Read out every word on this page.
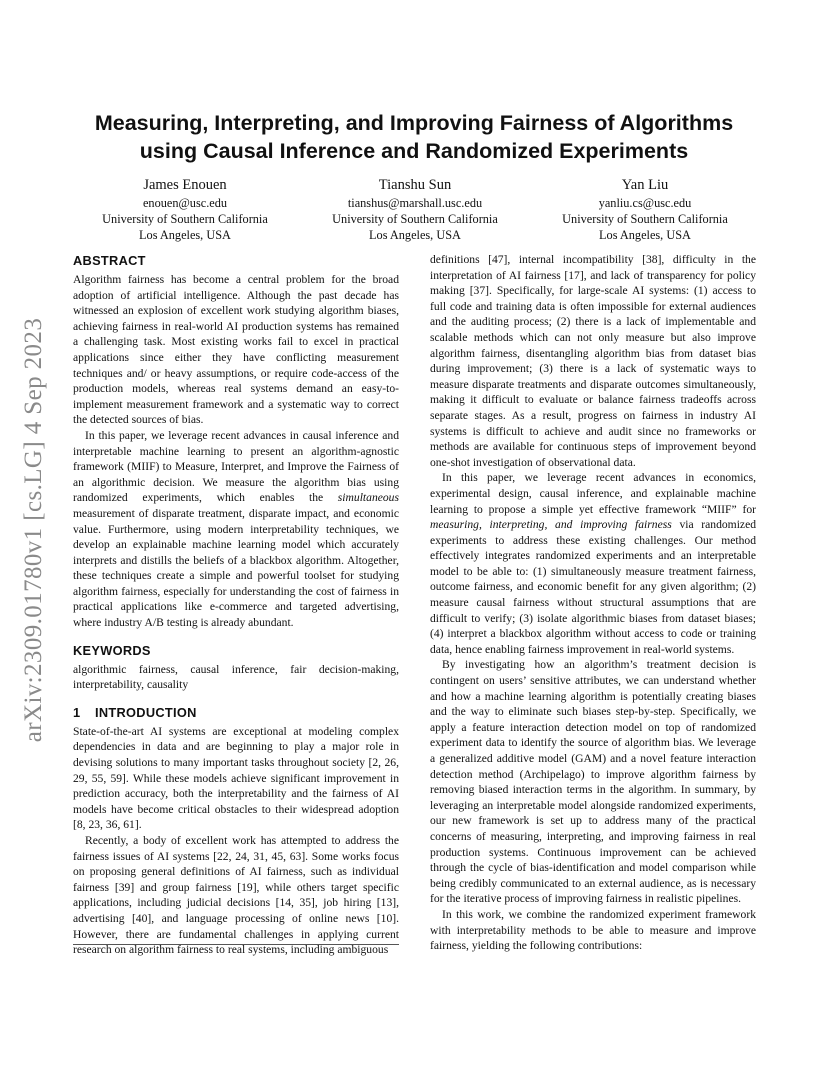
arXiv:2309.01780v1 [cs.LG] 4 Sep 2023
Measuring, Interpreting, and Improving Fairness of Algorithms
using Causal Inference and Randomized Experiments
James Enouen
enouen@usc.edu
University of Southern California
Los Angeles, USA
Tianshu Sun
tianshus@marshall.usc.edu
University of Southern California
Los Angeles, USA
Yan Liu
yanliu.cs@usc.edu
University of Southern California
Los Angeles, USA
ABSTRACT

Algorithm fairness has become a central problem for the broad adoption of artificial intelligence. Although the past decade has witnessed an explosion of excellent work studying algorithm biases, achieving fairness in real-world AI production systems has remained a challenging task. Most existing works fail to excel in practical applications since either they have conflicting measurement techniques and/ or heavy assumptions, or require code-access of the production models, whereas real systems demand an easy-to-implement measurement framework and a systematic way to correct the detected sources of bias.

In this paper, we leverage recent advances in causal inference and interpretable machine learning to present an algorithm-agnostic framework (MIIF) to Measure, Interpret, and Improve the Fairness of an algorithmic decision. We measure the algorithm bias using randomized experiments, which enables the simultaneous measurement of disparate treatment, disparate impact, and economic value. Furthermore, using modern interpretability techniques, we develop an explainable machine learning model which accurately interprets and distills the beliefs of a blackbox algorithm. Altogether, these techniques create a simple and powerful toolset for studying algorithm fairness, especially for understanding the cost of fairness in practical applications like e-commerce and targeted advertising, where industry A/B testing is already abundant.

KEYWORDS

algorithmic fairness, causal inference, fair decision-making, interpretability, causality

1 INTRODUCTION

State-of-the-art AI systems are exceptional at modeling complex dependencies in data and are beginning to play a major role in devising solutions to many important tasks throughout society [2, 26, 29, 55, 59]. While these models achieve significant improvement in prediction accuracy, both the interpretability and the fairness of AI models have become critical obstacles to their widespread adoption [8, 23, 36, 61].

Recently, a body of excellent work has attempted to address the fairness issues of AI systems [22, 24, 31, 45, 63]. Some works focus on proposing general definitions of AI fairness, such as individual fairness [39] and group fairness [19], while others target specific applications, including judicial decisions [14, 35], job hiring [13], advertising [40], and language processing of online news [10]. However, there are fundamental challenges in applying current research on algorithm fairness to real systems, including ambiguous

definitions [47], internal incompatibility [38], difficulty in the interpretation of AI fairness [17], and lack of transparency for policy making [37]. Specifically, for large-scale AI systems: (1) access to full code and training data is often impossible for external audiences and the auditing process; (2) there is a lack of implementable and scalable methods which can not only measure but also improve algorithm fairness, disentangling algorithm bias from dataset bias during improvement; (3) there is a lack of systematic ways to measure disparate treatments and disparate outcomes simultaneously, making it difficult to evaluate or balance fairness tradeoffs across separate stages. As a result, progress on fairness in industry AI systems is difficult to achieve and audit since no frameworks or methods are available for continuous steps of improvement beyond one-shot investigation of observational data.

In this paper, we leverage recent advances in economics, experimental design, causal inference, and explainable machine learning to propose a simple yet effective framework “MIIF” for measuring, interpreting, and improving fairness via randomized experiments to address these existing challenges. Our method effectively integrates randomized experiments and an interpretable model to be able to: (1) simultaneously measure treatment fairness, outcome fairness, and economic benefit for any given algorithm; (2) measure causal fairness without structural assumptions that are difficult to verify; (3) isolate algorithmic biases from dataset biases; (4) interpret a blackbox algorithm without access to code or training data, hence enabling fairness improvement in real-world systems.

By investigating how an algorithm’s treatment decision is contingent on users’ sensitive attributes, we can understand whether and how a machine learning algorithm is potentially creating biases and the way to eliminate such biases step-by-step. Specifically, we apply a feature interaction detection model on top of randomized experiment data to identify the source of algorithm bias. We leverage a generalized additive model (GAM) and a novel feature interaction detection method (Archipelago) to improve algorithm fairness by removing biased interaction terms in the algorithm. In summary, by leveraging an interpretable model alongside randomized experiments, our new framework is set up to address many of the practical concerns of measuring, interpreting, and improving fairness in real production systems. Continuous improvement can be achieved through the cycle of bias-identification and model comparison while being credibly communicated to an external audience, as is necessary for the iterative process of improving fairness in realistic pipelines.

In this work, we combine the randomized experiment framework with interpretability methods to be able to measure and improve fairness, yielding the following contributions:
